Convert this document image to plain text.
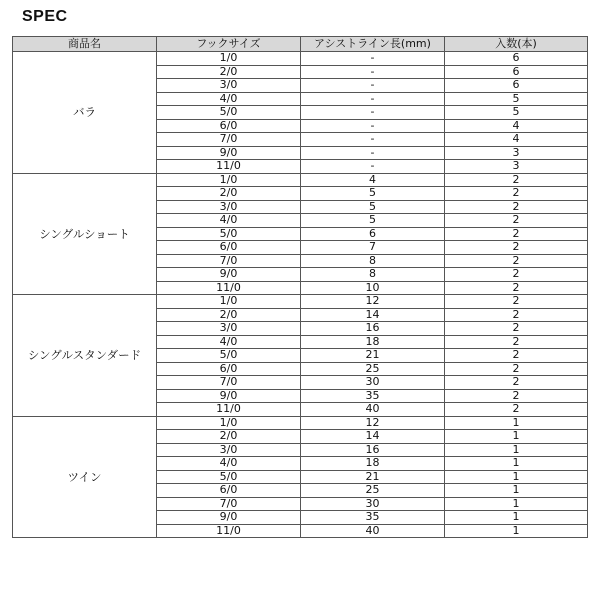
SPEC
商品名	フックサイズ	アシストライン長(mm)	入数(本)
バラ	1/0	-	6
	2/0	-	6
	3/0	-	6
	4/0	-	5
	5/0	-	5
	6/0	-	4
	7/0	-	4
	9/0	-	3
	11/0	-	3
シングルショート	1/0	4	2
	2/0	5	2
	3/0	5	2
	4/0	5	2
	5/0	6	2
	6/0	7	2
	7/0	8	2
	9/0	8	2
	11/0	10	2
シングルスタンダード	1/0	12	2
	2/0	14	2
	3/0	16	2
	4/0	18	2
	5/0	21	2
	6/0	25	2
	7/0	30	2
	9/0	35	2
	11/0	40	2
ツイン	1/0	12	1
	2/0	14	1
	3/0	16	1
	4/0	18	1
	5/0	21	1
	6/0	25	1
	7/0	30	1
	9/0	35	1
	11/0	40	1
